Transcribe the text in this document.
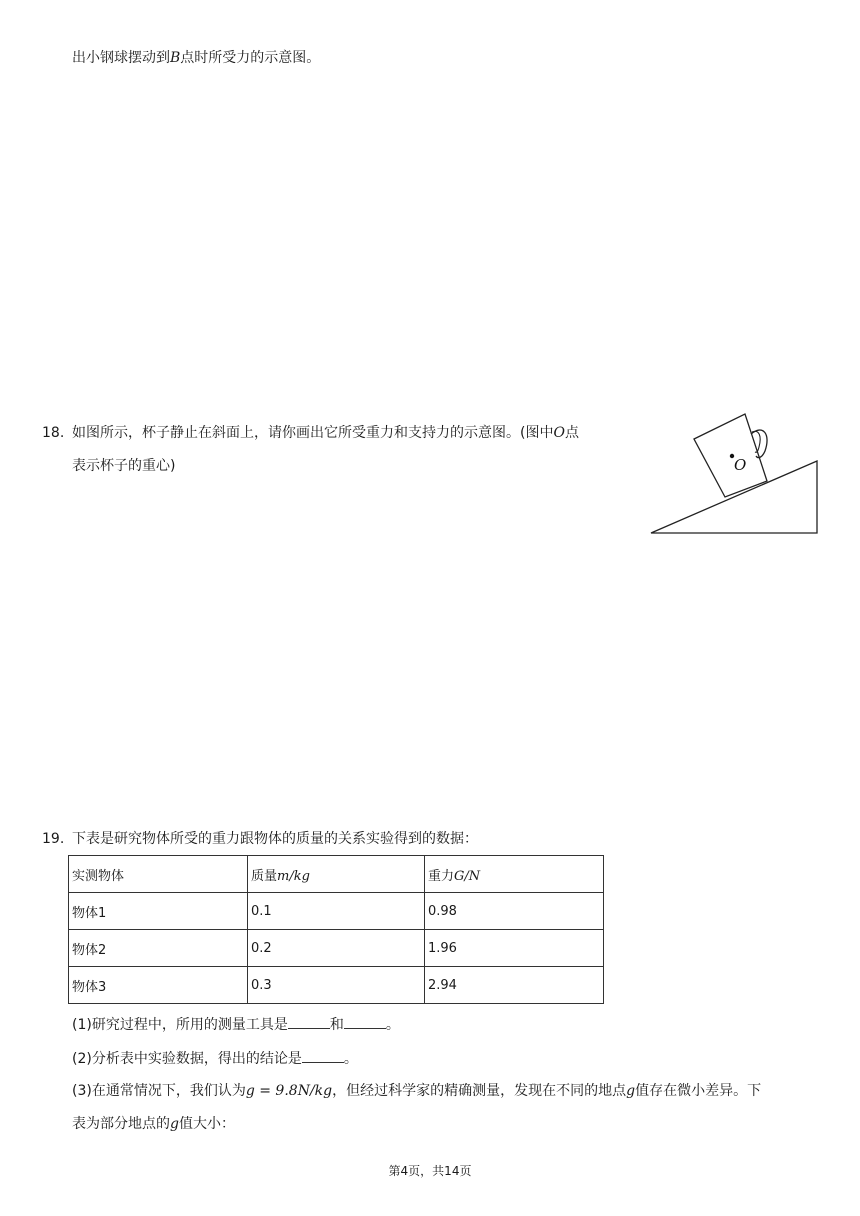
出小钢球摆动到B点时所受力的示意图。
18. 如图所示，杯子静止在斜面上，请你画出它所受重力和支持力的示意图。(图中O点
表示杯子的重心)	O
19. 下表是研究物体所受的重力跟物体的质量的关系实验得到的数据：
实测物体	质量m/kg	重力G/N
物体1	0.1	0.98
物体2	0.2	1.96
物体3	0.3	2.94
(1)研究过程中，所用的测量工具是	和	。
(2)分析表中实验数据，得出的结论是	。
(3)在通常情况下，我们认为g = 9.8N/kg，但经过科学家的精确测量，发现在不同的地点g值存在微小差异。下
表为部分地点的g值大小：
第4页，共14页
